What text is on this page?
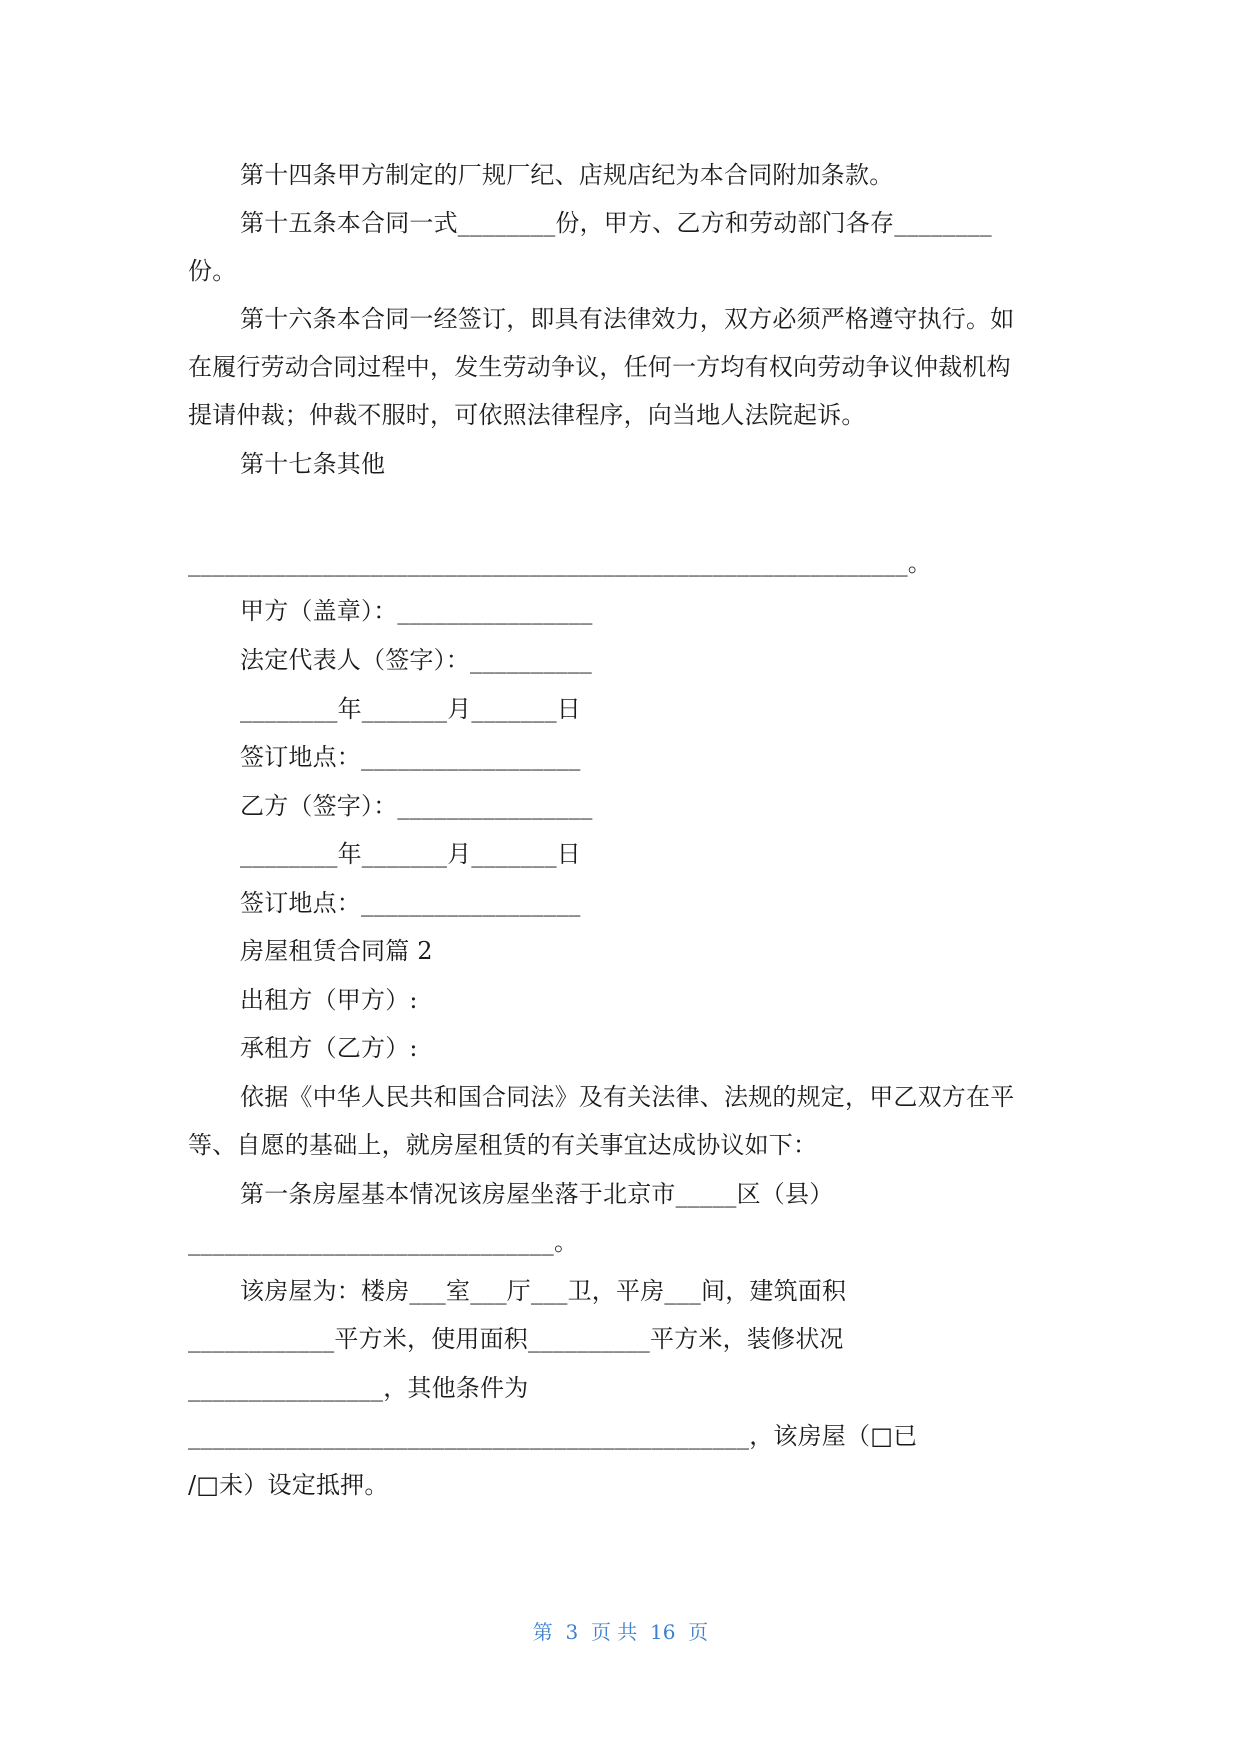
第十四条甲方制定的厂规厂纪、店规店纪为本合同附加条款。
第十五条本合同一式________份，甲方、乙方和劳动部门各存________
份。
第十六条本合同一经签订，即具有法律效力，双方必须严格遵守执行。如
在履行劳动合同过程中，发生劳动争议，任何一方均有权向劳动争议仲裁机构
提请仲裁；仲裁不服时，可依照法律程序，向当地人法院起诉。
第十七条其他
___________________________________________________________。
甲方（盖章）：________________
法定代表人（签字）：__________
________年_______月_______日
签订地点：__________________
乙方（签字）：________________
________年_______月_______日
签订地点：__________________
房屋租赁合同篇 2
出租方（甲方）:
承租方（乙方）:
依据《中华人民共和国合同法》及有关法律、法规的规定，甲乙双方在平
等、自愿的基础上，就房屋租赁的有关事宜达成协议如下：
第一条房屋基本情况该房屋坐落于北京市_____区（县）
______________________________。
该房屋为：楼房___室___厅___卫，平房___间，建筑面积
____________平方米，使用面积__________平方米，装修状况
________________，其他条件为
______________________________________________，该房屋（□已
/□未）设定抵押。
第  3  页 共  16  页
